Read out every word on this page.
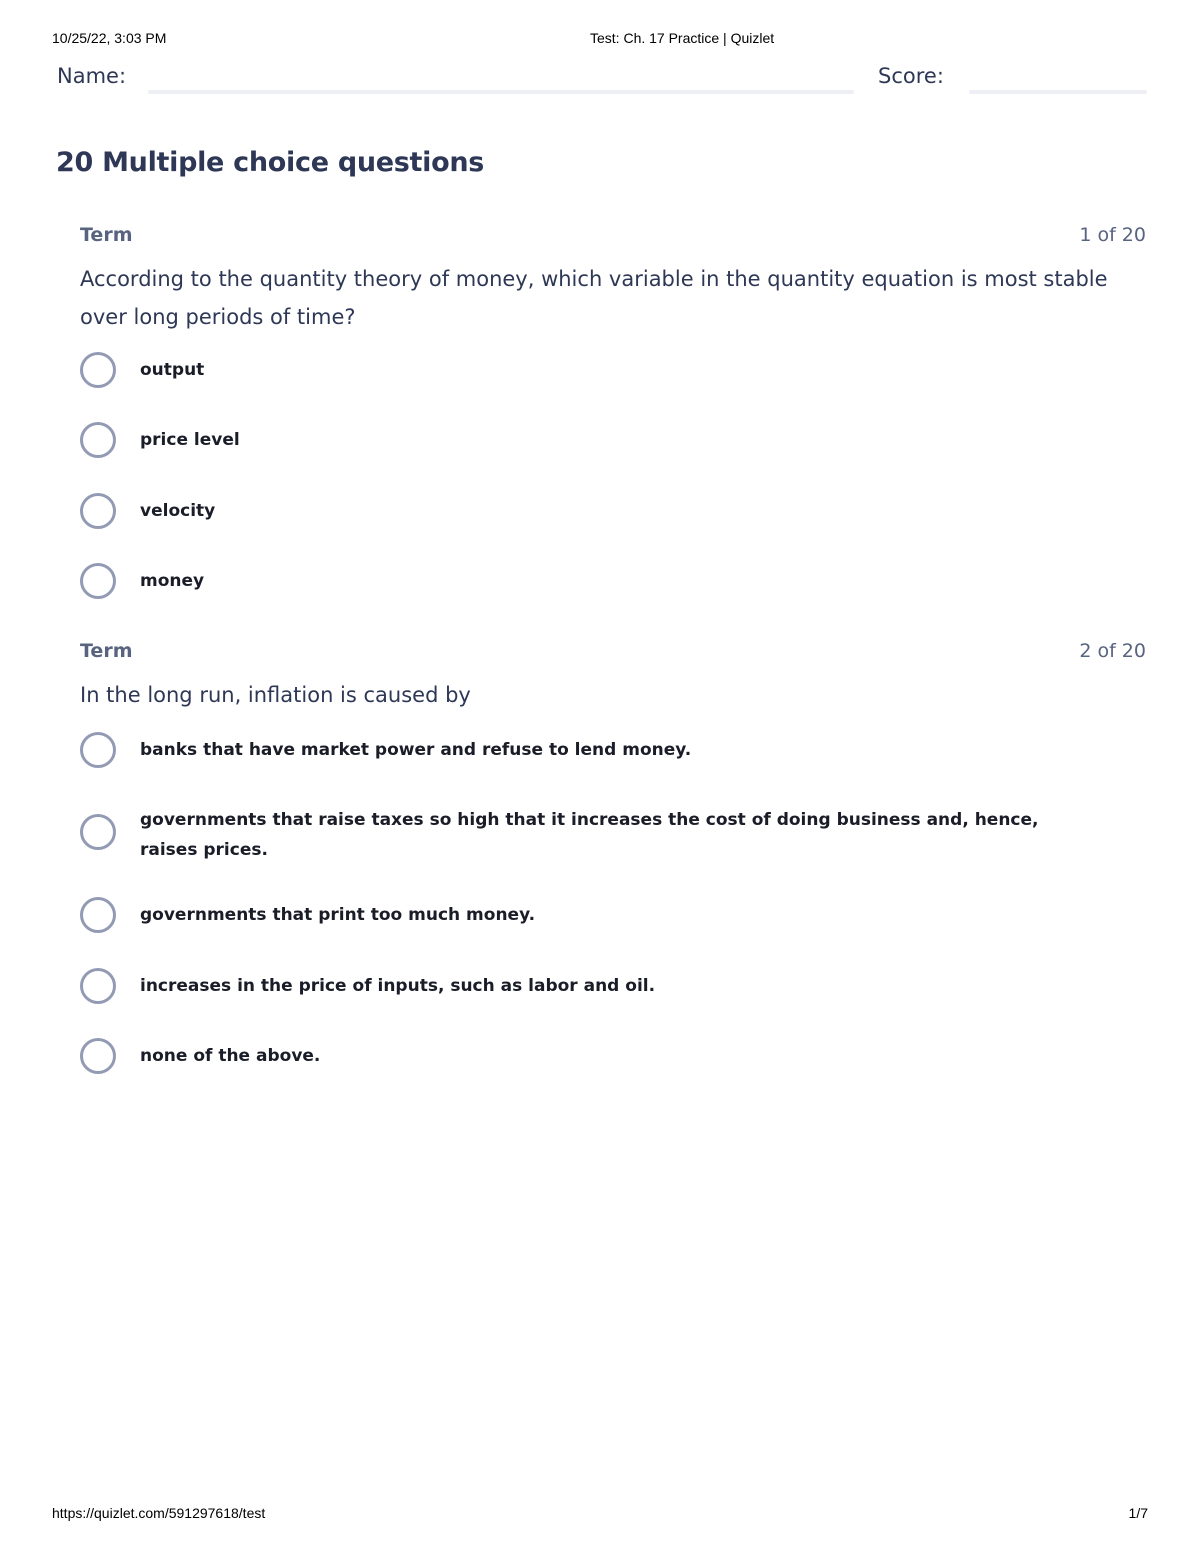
10/25/22, 3:03 PM	Test: Ch. 17 Practice | Quizlet
Name:	Score:
20 Multiple choice questions
Term	1 of 20
According to the quantity theory of money, which variable in the quantity equation is most stable over long periods of time?
output
price level
velocity
money
Term	2 of 20
In the long run, inflation is caused by
banks that have market power and refuse to lend money.
governments that raise taxes so high that it increases the cost of doing business and, hence, raises prices.
governments that print too much money.
increases in the price of inputs, such as labor and oil.
none of the above.
https://quizlet.com/591297618/test	1/7
